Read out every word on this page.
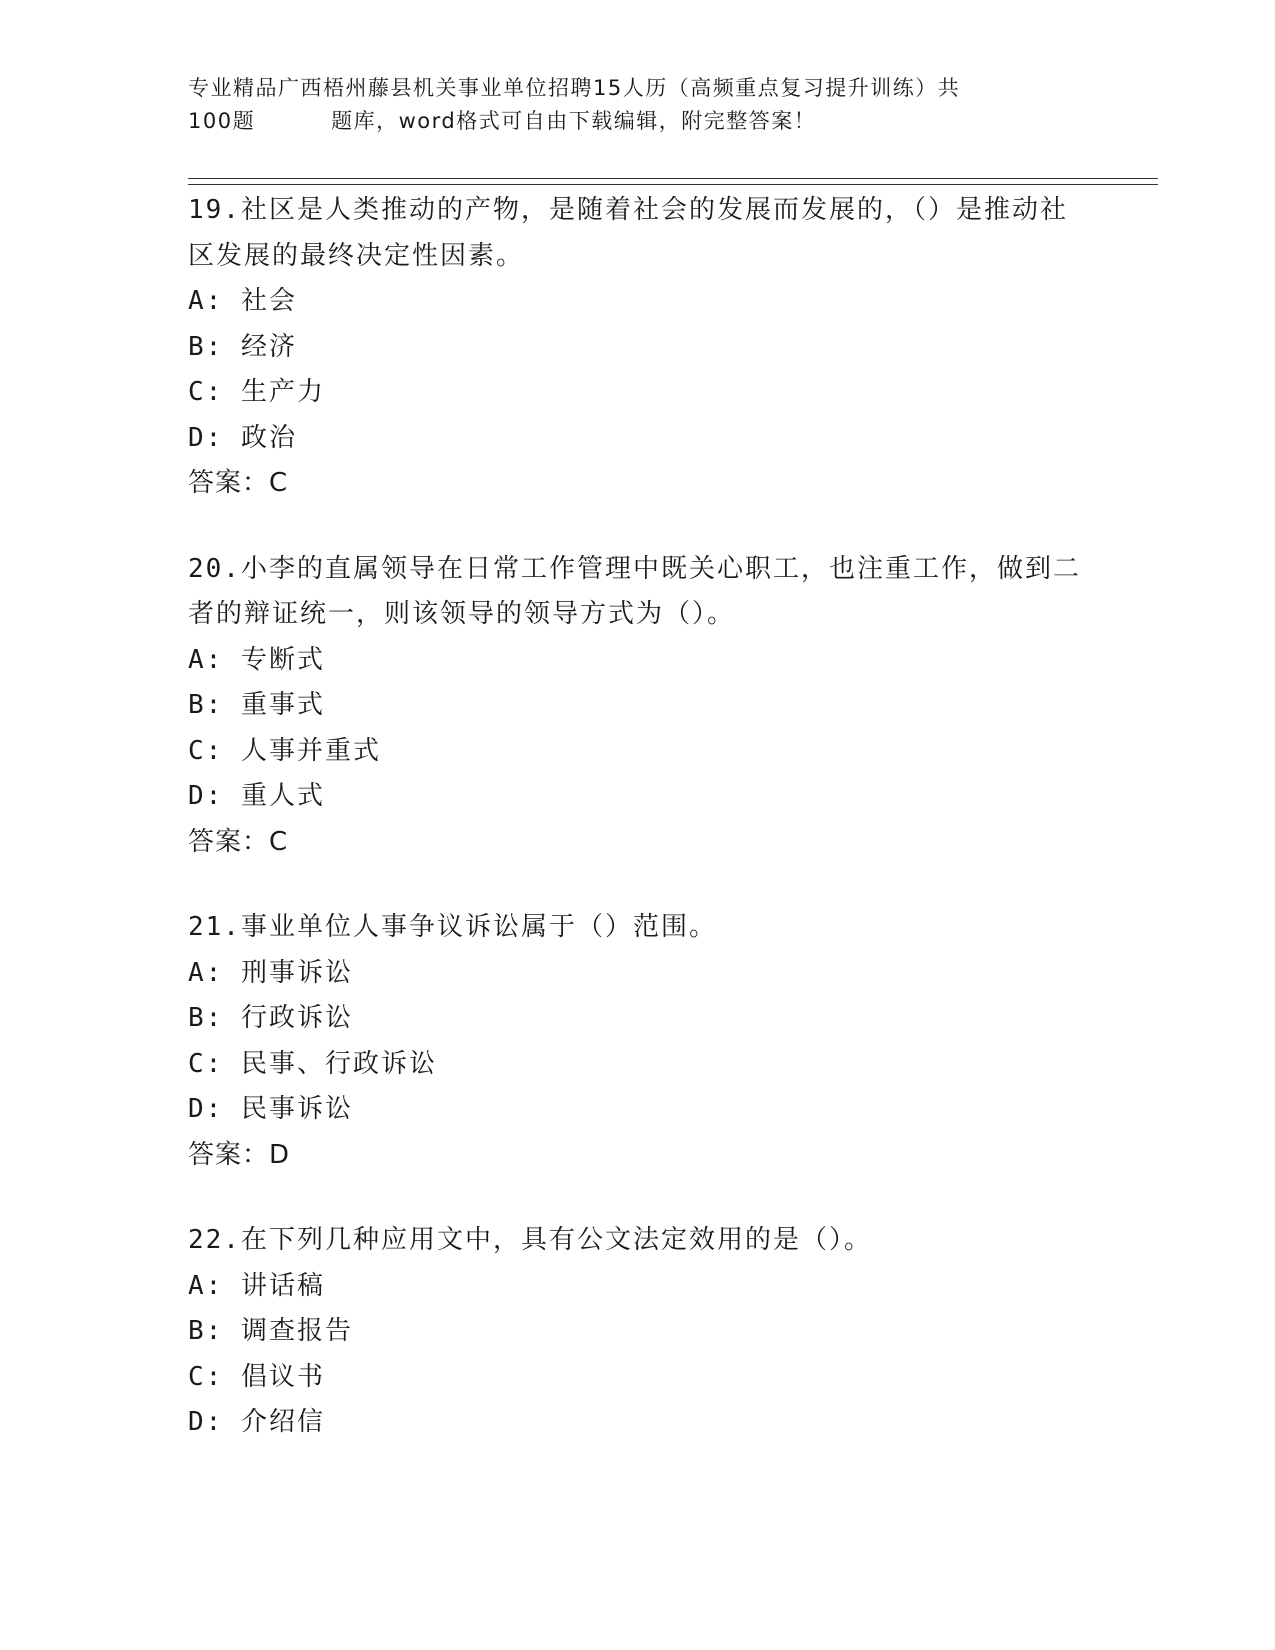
专业精品广西梧州藤县机关事业单位招聘15人历（高频重点复习提升训练）共
100题	题库，word格式可自由下载编辑，附完整答案！
19.社区是人类推动的产物，是随着社会的发展而发展的，（）是推动社区发展的最终决定性因素。
A: 社会
B: 经济
C: 生产力
D: 政治
答案：C
20.小李的直属领导在日常工作管理中既关心职工，也注重工作，做到二者的辩证统一，则该领导的领导方式为（）。
A: 专断式
B: 重事式
C: 人事并重式
D: 重人式
答案：C
21.事业单位人事争议诉讼属于（）范围。
A: 刑事诉讼
B: 行政诉讼
C: 民事、行政诉讼
D: 民事诉讼
答案：D
22.在下列几种应用文中，具有公文法定效用的是（）。
A: 讲话稿
B: 调查报告
C: 倡议书
D: 介绍信
